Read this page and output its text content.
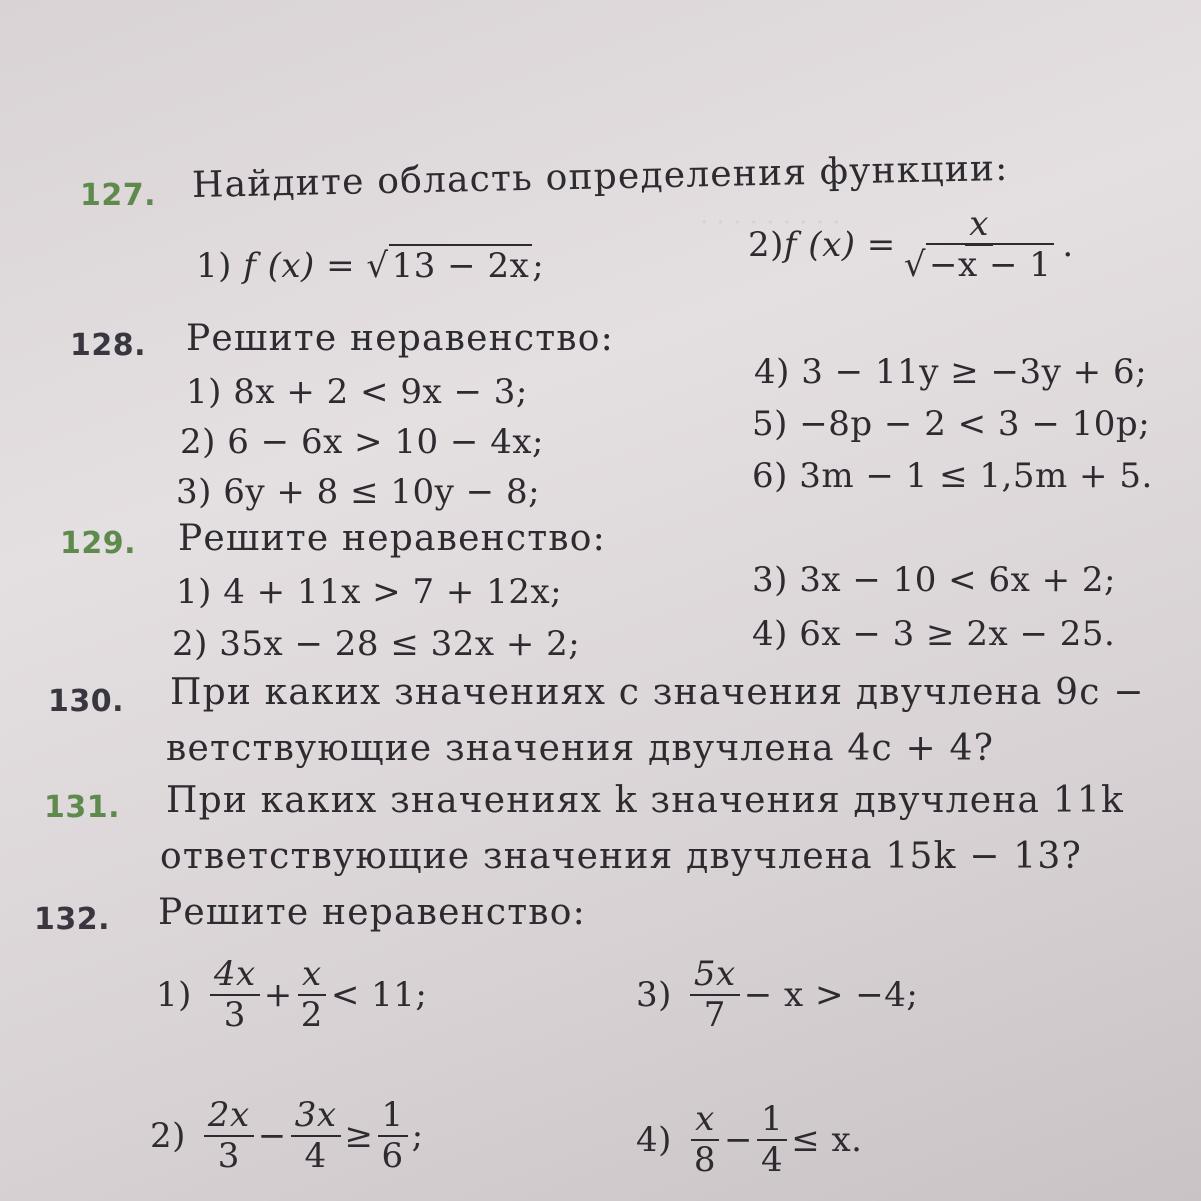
. . . . . . . . .
127. Найдите область определения функции:
1) f (x) = √13 − 2x;
2) f $(x) = \frac{x}{√-x - 1}$ .
128. Решите неравенство:
1) 8x + 2 < 9x − 3;
2) 6 − 6x > 10 − 4x;
3) 6y + 8 ≤ 10y − 8;
4) 3 − 11y ≥ −3y + 6;
5) −8p − 2 < 3 − 10p;
6) 3m − 1 ≤ 1,5m + 5.
129. Решите неравенство:
1) 4 + 11x > 7 + 12x;
2) 35x − 28 ≤ 32x + 2;
3) 3x − 10 < 6x + 2;
4) 6x − 3 ≥ 2x − 25.
130. При каких значениях c значения двучлена 9c −
ветствующие значения двучлена 4c + 4?
131. При каких значениях k значения двучлена 11k
ответствующие значения двучлена 15k − 13?
132. Решите неравенство:
$1) \frac{4x}{3} + \frac{x}{2} < 11$;
$2) \frac{2x}{3} - \frac{3x}{4} \ge \frac{1}{6}$ ;
$3) \frac{5x}{7} - x > -4$;
$4) \frac{x}{8} - \frac{1}{4} \le x$.
